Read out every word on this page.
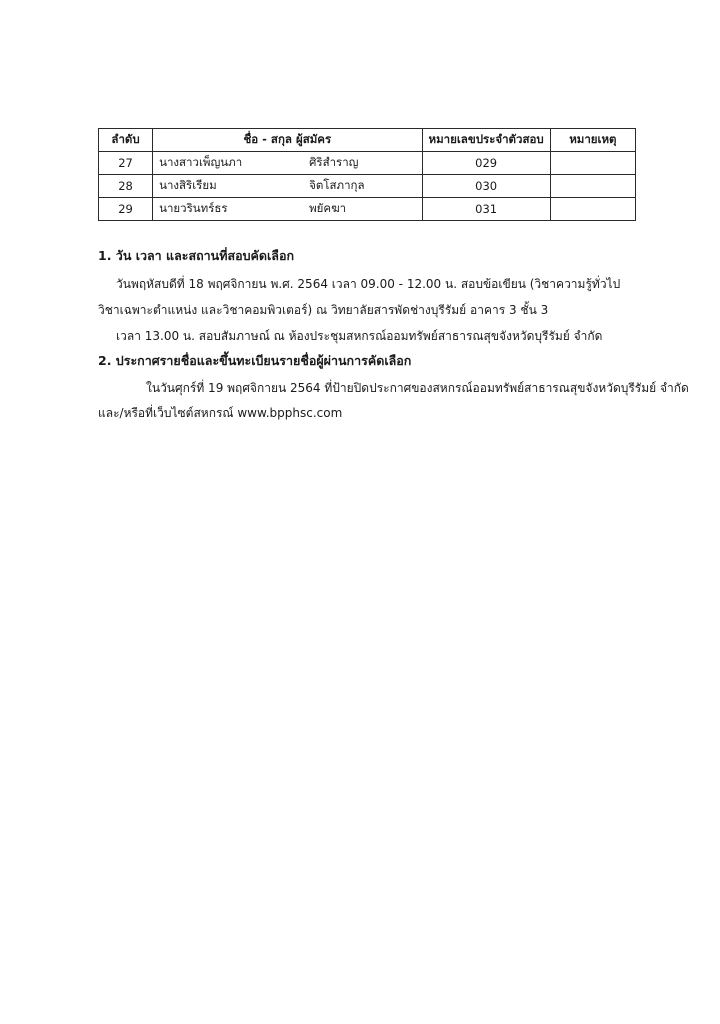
ลำดับ	ชื่อ - สกุล ผู้สมัคร	หมายเลขประจำตัวสอบ	หมายเหตุ
27	นางสาวเพ็ญนภา ศิริสำราญ	029	
28	นางสิริเรียม จิตโสภากุล	030	
29	นายวรินทร์ธร พยัคฆา	031	
1. วัน เวลา และสถานที่สอบคัดเลือก
วันพฤหัสบดีที่ 18 พฤศจิกายน พ.ศ. 2564 เวลา 09.00 - 12.00 น. สอบข้อเขียน (วิชาความรู้ทั่วไป
วิชาเฉพาะตำแหน่ง และวิชาคอมพิวเตอร์) ณ วิทยาลัยสารพัดช่างบุรีรัมย์ อาคาร 3 ชั้น 3
เวลา 13.00 น. สอบสัมภาษณ์ ณ ห้องประชุมสหกรณ์ออมทรัพย์สาธารณสุขจังหวัดบุรีรัมย์ จำกัด
2. ประกาศรายชื่อและขึ้นทะเบียนรายชื่อผู้ผ่านการคัดเลือก
ในวันศุกร์ที่ 19 พฤศจิกายน 2564 ที่ป้ายปิดประกาศของสหกรณ์ออมทรัพย์สาธารณสุขจังหวัดบุรีรัมย์ จำกัด
และ/หรือที่เว็บไซต์สหกรณ์ www.bpphsc.com
